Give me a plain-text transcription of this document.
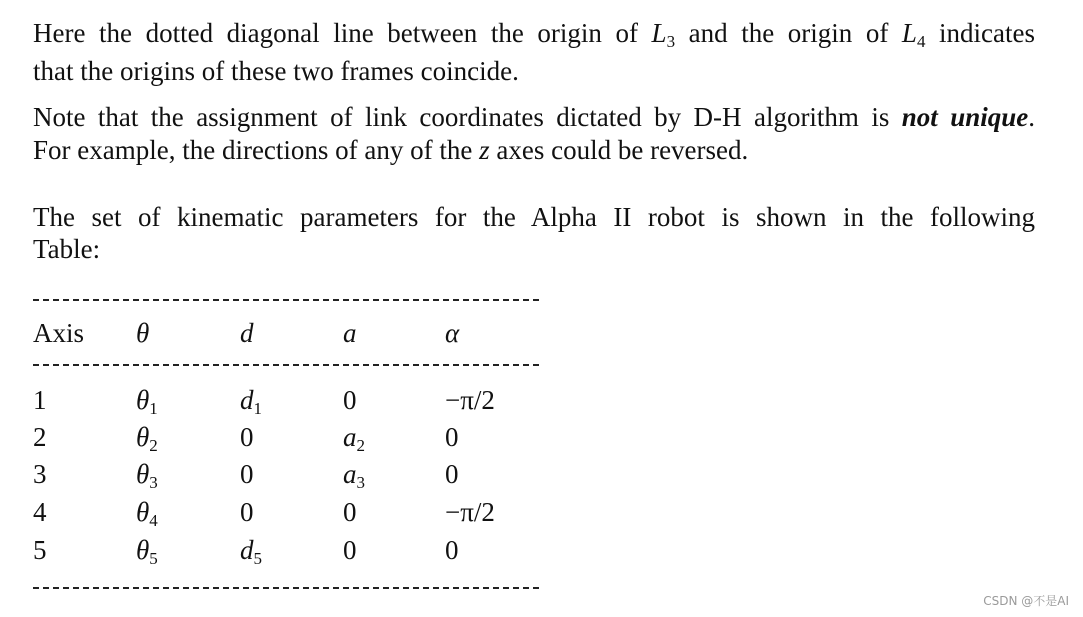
Here the dotted diagonal line between the origin of $L_3$ and the origin of $L_4$ indicates

that the origins of these two frames coincide.

Note that the assignment of link coordinates dictated by D-H algorithm is not unique.

For example, the directions of any of the z axes could be reversed.

The set of kinematic parameters for the Alpha II robot is shown in the following

Table:

Axis θ	d	a	α
1	$\theta_1$	$d_1$	0	−π/2
2	$\theta_2$	0	$a_2$	0
3	$\theta_3$	0	$a_3$	0
4	$\theta_4$	0	0	−π/2
5	$\theta_5$	$d_5$	0	0
CSDN @不是AI
